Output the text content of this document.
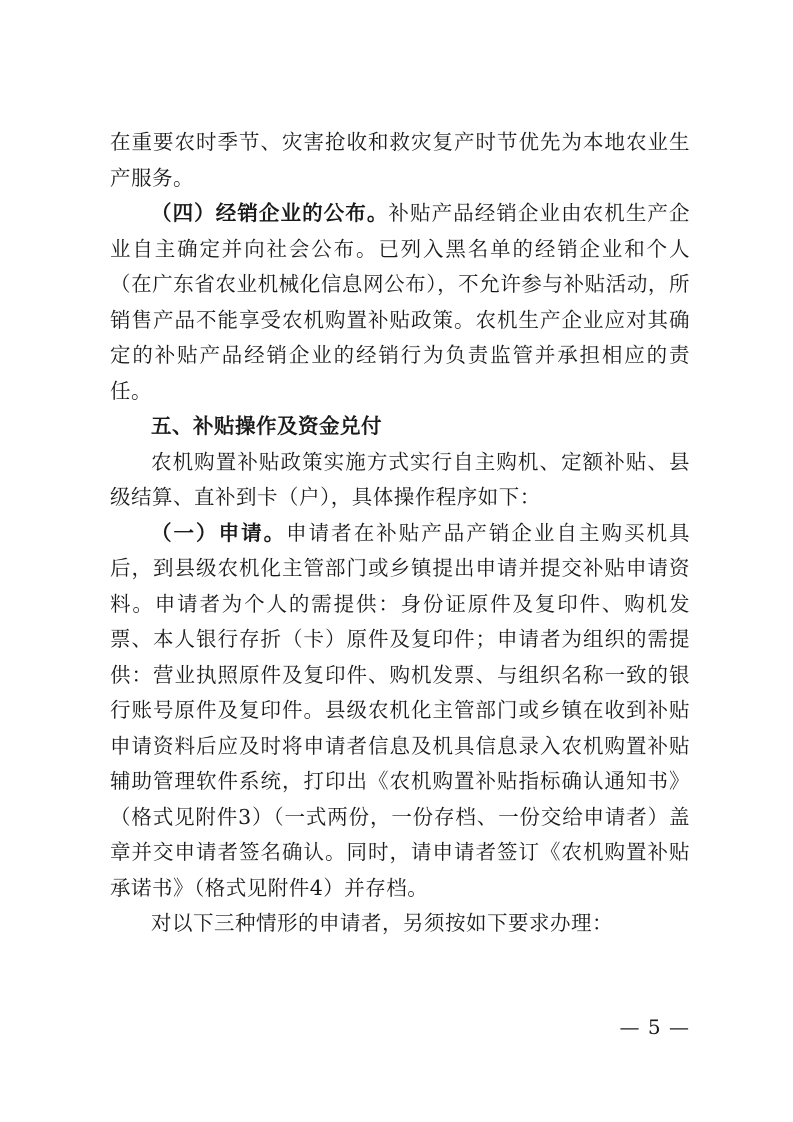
在重要农时季节、灾害抢收和救灾复产时节优先为本地农业生产服务。

（四）经销企业的公布。补贴产品经销企业由农机生产企业自主确定并向社会公布。已列入黑名单的经销企业和个人（在广东省农业机械化信息网公布），不允许参与补贴活动，所销售产品不能享受农机购置补贴政策。农机生产企业应对其确定的补贴产品经销企业的经销行为负责监管并承担相应的责任。

五、补贴操作及资金兑付

农机购置补贴政策实施方式实行自主购机、定额补贴、县级结算、直补到卡（户），具体操作程序如下：

（一）申请。申请者在补贴产品产销企业自主购买机具后，到县级农机化主管部门或乡镇提出申请并提交补贴申请资料。申请者为个人的需提供：身份证原件及复印件、购机发票、本人银行存折（卡）原件及复印件；申请者为组织的需提供：营业执照原件及复印件、购机发票、与组织名称一致的银行账号原件及复印件。县级农机化主管部门或乡镇在收到补贴申请资料后应及时将申请者信息及机具信息录入农机购置补贴辅助管理软件系统，打印出《农机购置补贴指标确认通知书》（格式见附件3）（一式两份，一份存档、一份交给申请者）盖章并交申请者签名确认。同时，请申请者签订《农机购置补贴承诺书》（格式见附件4）并存档。

对以下三种情形的申请者，另须按如下要求办理：

— 5 —
